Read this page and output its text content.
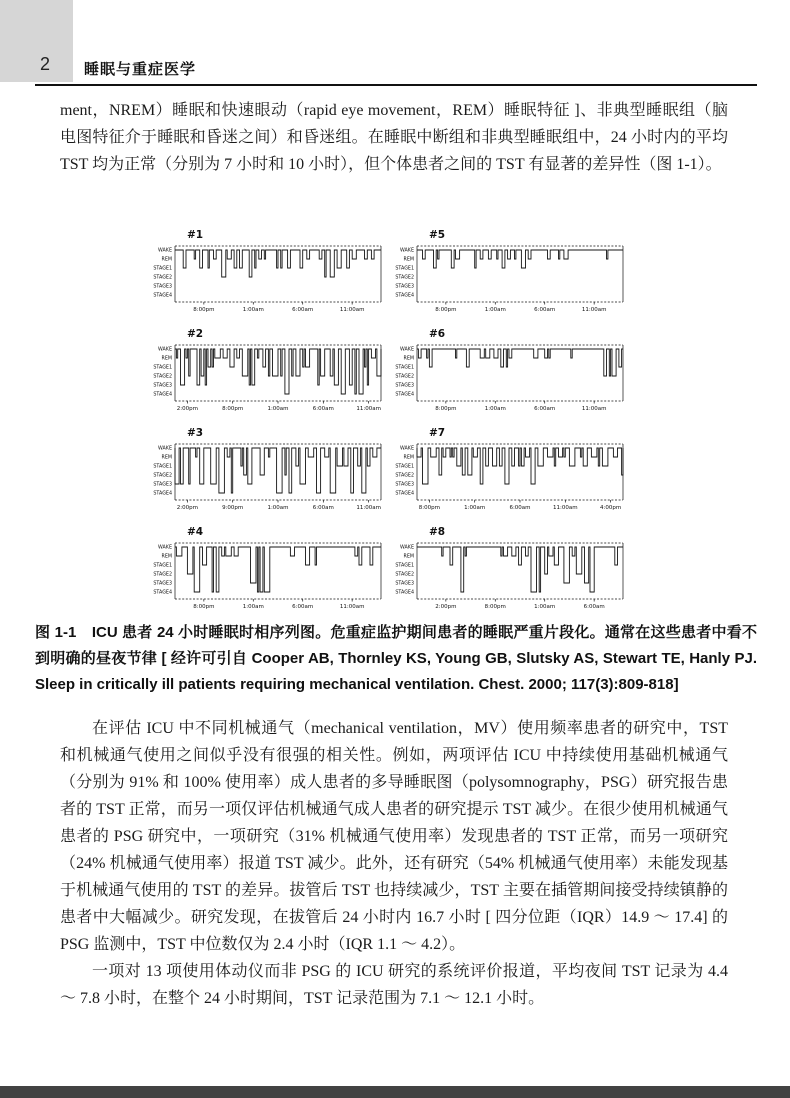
2 睡眠与重症医学

ment，NREM）睡眠和快速眼动（rapid eye movement，REM）睡眠特征 ]、非典型睡眠组（脑电图特征介于睡眠和昏迷之间）和昏迷组。在睡眠中断组和非典型睡眠组中，24 小时内的平均 TST 均为正常（分别为 7 小时和 10 小时），但个体患者之间的 TST 有显著的差异性（图 1-1）。

#1
WAKE
REM
STAGE1
STAGE2
STAGE3
STAGE4
8:00pm	1:00am	6:00am	11:00am
#2
WAKE
REM
STAGE1
STAGE2
STAGE3
STAGE4
2:00pm	8:00pm	1:00am	6:00am	11:00am
#3
WAKE
REM
STAGE1
STAGE2
STAGE3
STAGE4
2:00pm	9:00pm	1:00am	6:00am	11:00am
#4
WAKE
REM
STAGE1
STAGE2
STAGE3
STAGE4
8:00pm	1:00am	6:00am	11:00am
#5
WAKE
REM
STAGE1
STAGE2
STAGE3
STAGE4
8:00pm	1:00am	6:00am	11:00am
#6
WAKE
REM
STAGE1
STAGE2
STAGE3
STAGE4
8:00pm	1:00am	6:00am	11:00am
#7
WAKE
REM
STAGE1
STAGE2
STAGE3
STAGE4
8:00pm	1:00am	6:00am	11:00am	4:00pm
#8
WAKE
REM
STAGE1
STAGE2
STAGE3
STAGE4
2:00pm	8:00pm	1:00am	6:00am

图 1-1　ICU 患者 24 小时睡眠时相序列图。危重症监护期间患者的睡眠严重片段化。通常在这些患者中看不到明确的昼夜节律 [ 经许可引自 Cooper AB, Thornley KS, Young GB, Slutsky AS, Stewart TE, Hanly PJ. Sleep in critically ill patients requiring mechanical ventilation. Chest. 2000; 117(3):809-818]

在评估 ICU 中不同机械通气（mechanical ventilation，MV）使用频率患者的研究中，TST 和机械通气使用之间似乎没有很强的相关性。例如，两项评估 ICU 中持续使用基础机械通气（分别为 91% 和 100% 使用率）成人患者的多导睡眠图（polysomnography，PSG）研究报告患者的 TST 正常，而另一项仅评估机械通气成人患者的研究提示 TST 减少。在很少使用机械通气患者的 PSG 研究中，一项研究（31% 机械通气使用率）发现患者的 TST 正常，而另一项研究（24% 机械通气使用率）报道 TST 减少。此外，还有研究（54% 机械通气使用率）未能发现基于机械通气使用的 TST 的差异。拔管后 TST 也持续减少，TST 主要在插管期间接受持续镇静的患者中大幅减少。研究发现，在拔管后 24 小时内 16.7 小时 [ 四分位距（IQR）14.9 ～ 17.4] 的 PSG 监测中，TST 中位数仅为 2.4 小时（IQR 1.1 ～ 4.2）。

一项对 13 项使用体动仪而非 PSG 的 ICU 研究的系统评价报道，平均夜间 TST 记录为 4.4 ～ 7.8 小时，在整个 24 小时期间，TST 记录范围为 7.1 ～ 12.1 小时。
